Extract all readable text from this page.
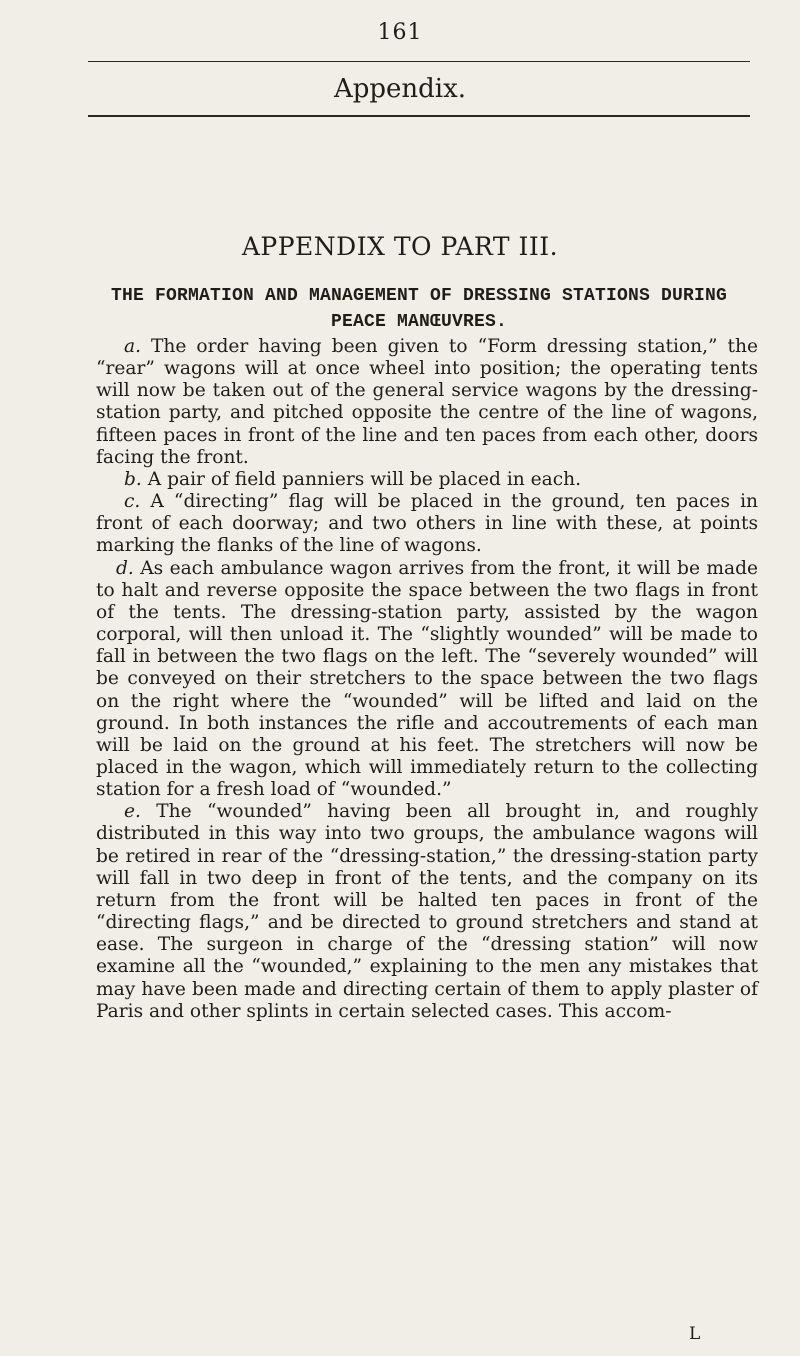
161
Appendix.
APPENDIX TO PART III.

THE FORMATION AND MANAGEMENT OF DRESSING STATIONS DURING PEACE MANŒUVRES.

a. The order having been given to “Form dressing station,” the “rear” wagons will at once wheel into position; the operating tents will now be taken out of the general service wagons by the dressing-station party, and pitched opposite the centre of the line of wagons, fifteen paces in front of the line and ten paces from each other, doors facing the front.

b. A pair of field panniers will be placed in each.

c. A “directing” flag will be placed in the ground, ten paces in front of each doorway; and two others in line with these, at points marking the flanks of the line of wagons.

d. As each ambulance wagon arrives from the front, it will be made to halt and reverse opposite the space between the two flags in front of the tents. The dressing-station party, assisted by the wagon corporal, will then unload it. The “slightly wounded” will be made to fall in between the two flags on the left. The “severely wounded” will be conveyed on their stretchers to the space between the two flags on the right where the “wounded” will be lifted and laid on the ground. In both instances the rifle and accoutrements of each man will be laid on the ground at his feet. The stretchers will now be placed in the wagon, which will immediately return to the collecting station for a fresh load of “wounded.”

e. The “wounded” having been all brought in, and roughly distributed in this way into two groups, the ambulance wagons will be retired in rear of the “dressing-station,” the dressing-station party will fall in two deep in front of the tents, and the company on its return from the front will be halted ten paces in front of the “directing flags,” and be directed to ground stretchers and stand at ease. The surgeon in charge of the “dressing station” will now examine all the “wounded,” explaining to the men any mistakes that may have been made and directing certain of them to apply plaster of Paris and other splints in certain selected cases. This accom-

L
